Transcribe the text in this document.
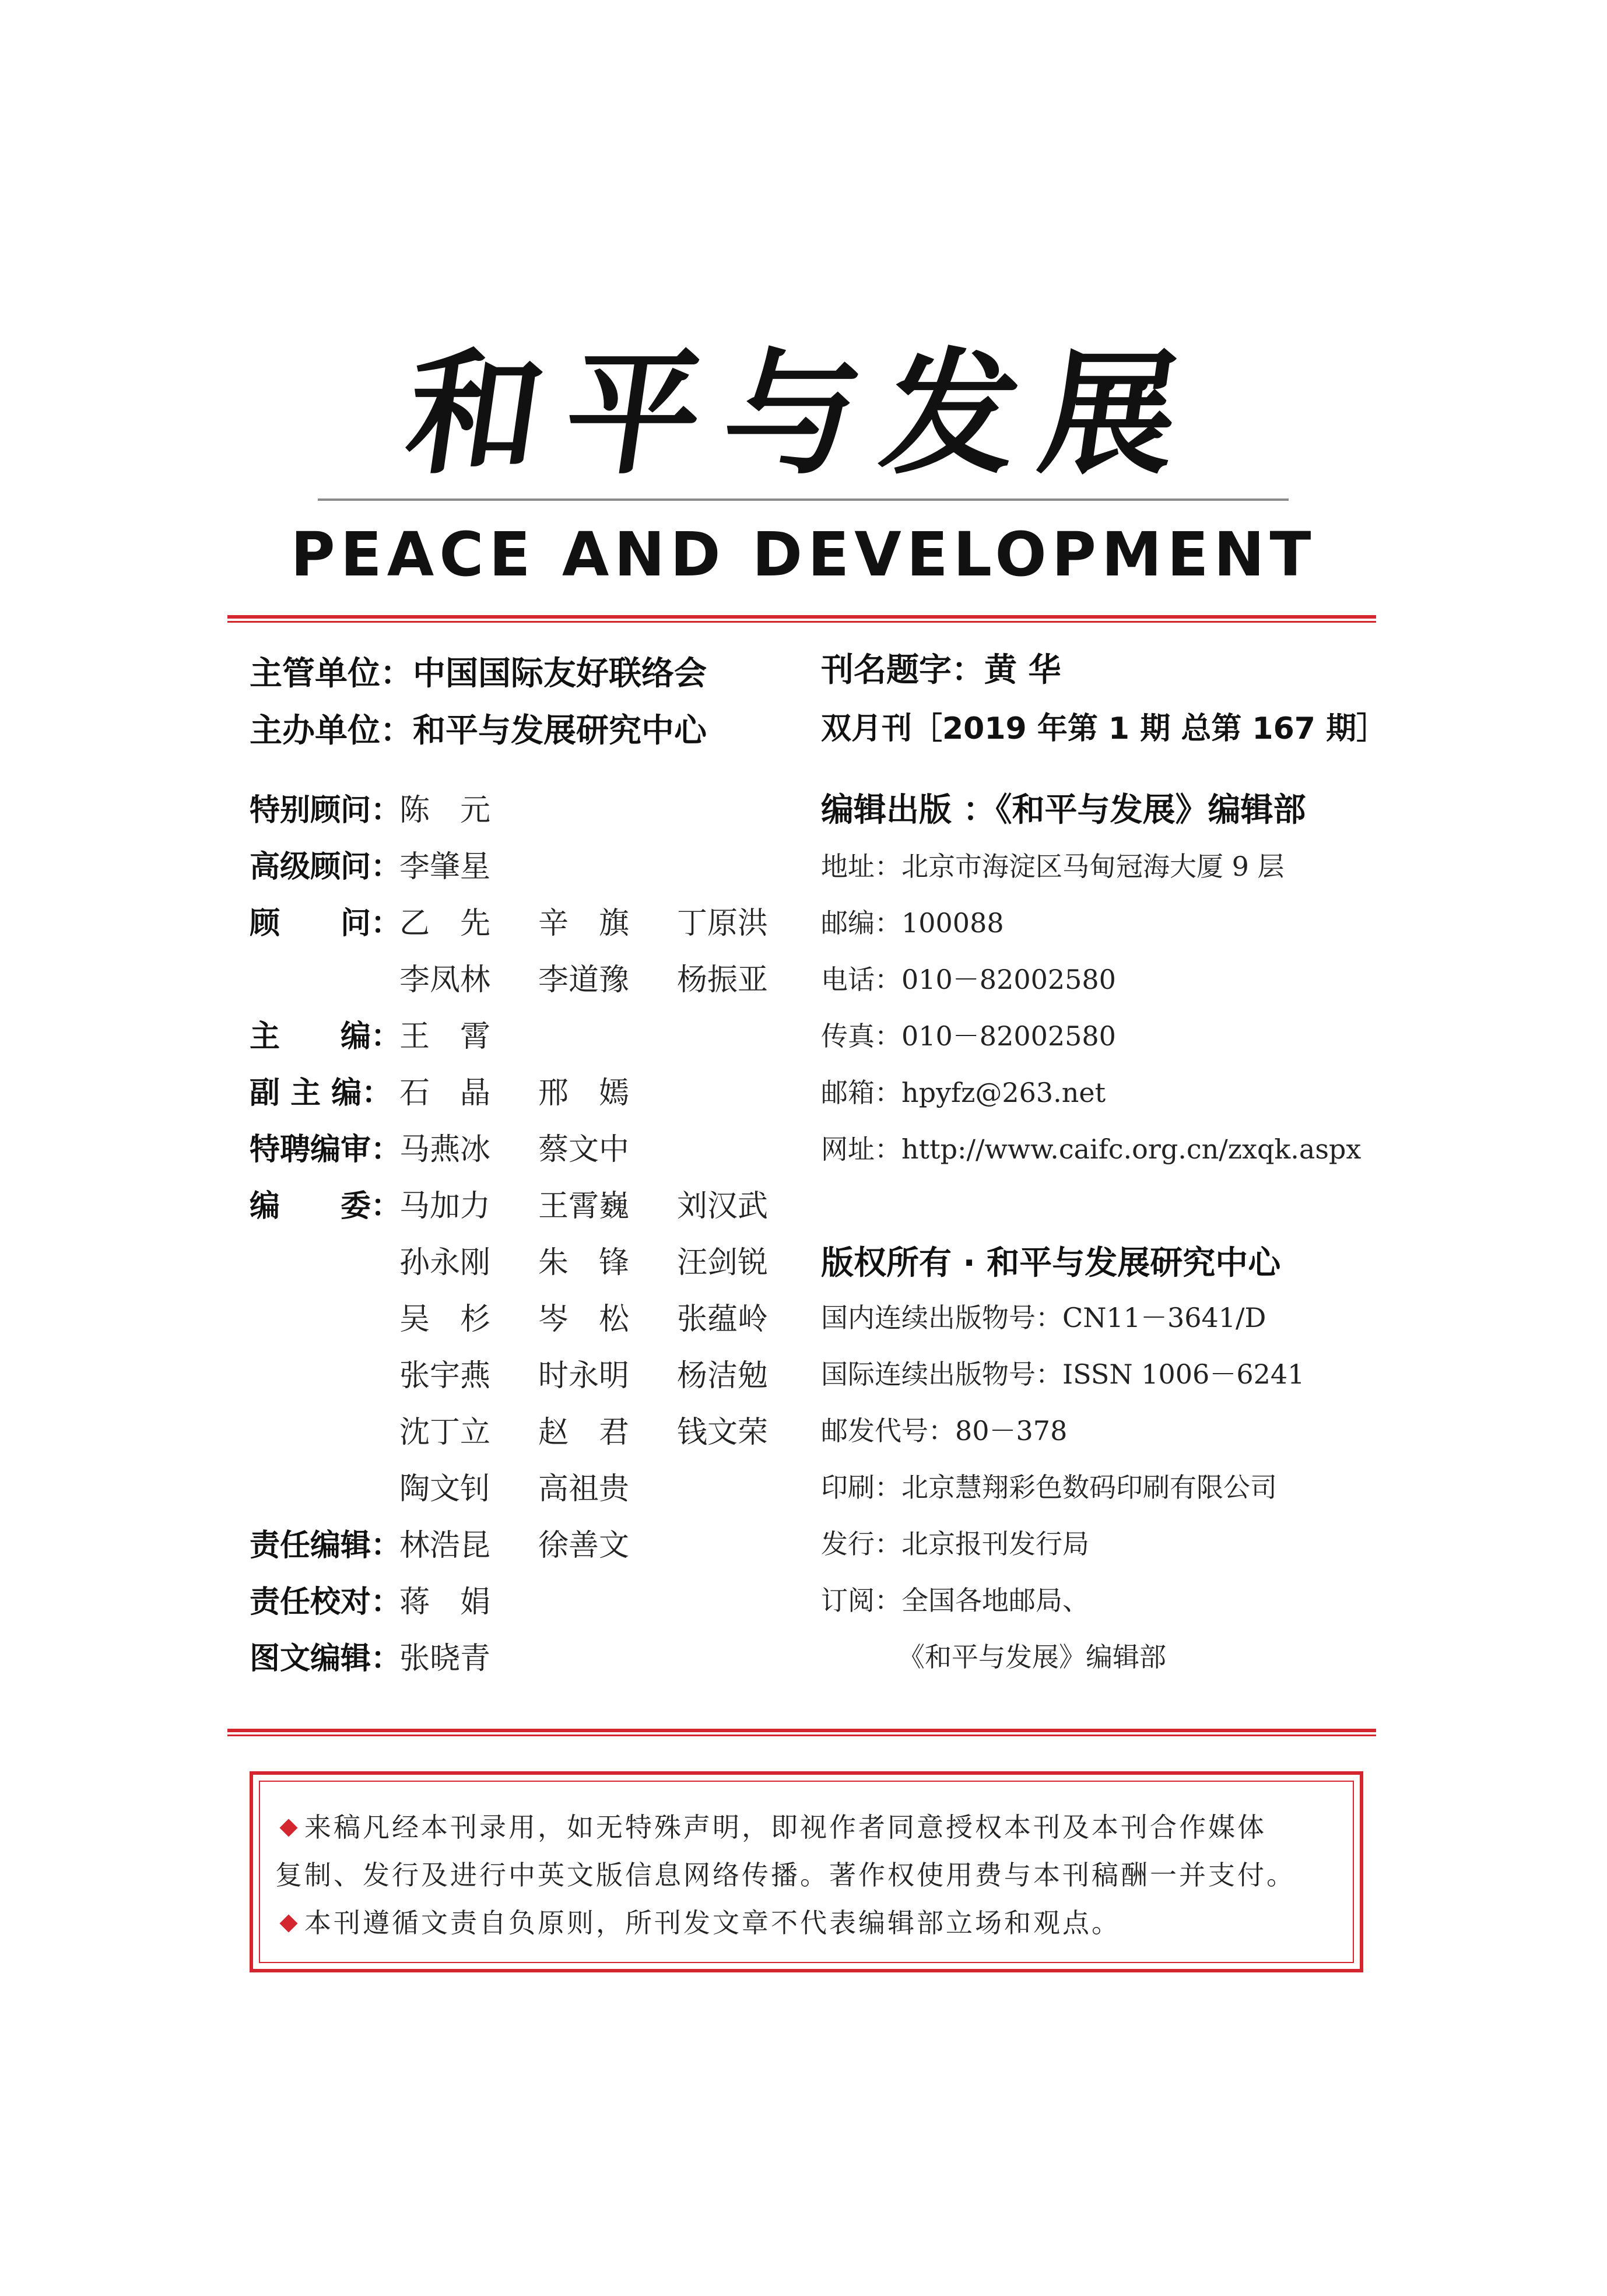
和平与发展
PEACE AND DEVELOPMENT
主管单位：中国国际友好联络会
主办单位：和平与发展研究中心
刊名题字：黄 华
双月刊［2019 年第 1 期 总第 167 期］
特别顾问：
陈　元
高级顾问：
李肇星
顾　　问：
乙　先 辛　旗 丁原洪
李凤林 李道豫 杨振亚
主　　编：
王　霄
副 主 编： 石　晶 邢　嫣
特聘编审：
马燕冰 蔡文中
编　　委：
马加力 王霄巍 刘汉武
孙永刚 朱　锋 汪剑锐
吴　杉 岑　松 张蕴岭
张宇燕 时永明 杨洁勉
沈丁立 赵　君 钱文荣
陶文钊 高祖贵
责任编辑：
林浩昆 徐善文
责任校对：
蒋　娟
图文编辑：
张晓青
编辑出版 ：《和平与发展》编辑部
地址：北京市海淀区马甸冠海大厦 9 层
邮编：100088
电话：010－82002580
传真：010－82002580
邮箱：hpyfz@263.net
网址：http://www.caifc.org.cn/zxqk.aspx
版权所有 · 和平与发展研究中心
国内连续出版物号：CN11－3641/D
国际连续出版物号：ISSN 1006－6241
邮发代号：80－378
印刷：北京慧翔彩色数码印刷有限公司
发行：北京报刊发行局
订阅：全国各地邮局、
《和平与发展》编辑部
来稿凡经本刊录用，如无特殊声明，即视作者同意授权本刊及本刊合作媒体
复制、发行及进行中英文版信息网络传播。著作权使用费与本刊稿酬一并支付。
本刊遵循文责自负原则，所刊发文章不代表编辑部立场和观点。
